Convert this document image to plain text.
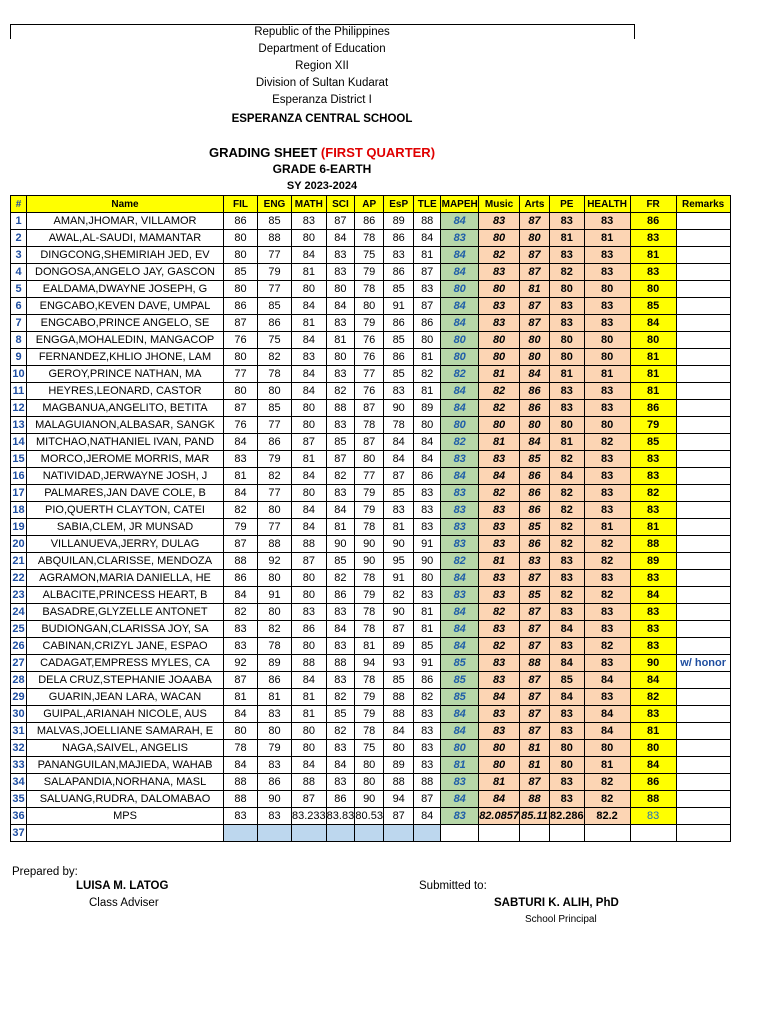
Republic of the Philippines
Department of Education
Region XII
Division of Sultan Kudarat
Esperanza District I
ESPERANZA CENTRAL SCHOOL
GRADING SHEET (FIRST QUARTER)
GRADE 6-EARTH
SY 2023-2024
#	Name	FIL	ENG	MATH	SCI	AP	EsP	TLE	MAPEH	Music	Arts	PE	HEALTH	FR	Remarks
1	AMAN,JHOMAR, VILLAMOR	86	85	83	87	86	89	88	84	83	87	83	83	86	
2	AWAL,AL-SAUDI, MAMANTAR	80	88	80	84	78	86	84	83	80	80	81	81	83	
3	DINGCONG,SHEMIRIAH JED, EV	80	77	84	83	75	83	81	84	82	87	83	83	81	
4	DONGOSA,ANGELO JAY, GASCON	85	79	81	83	79	86	87	84	83	87	82	83	83	
5	EALDAMA,DWAYNE JOSEPH, G	80	77	80	80	78	85	83	80	80	81	80	80	80	
6	ENGCABO,KEVEN DAVE, UMPAL	86	85	84	84	80	91	87	84	83	87	83	83	85	
7	ENGCABO,PRINCE ANGELO, SE	87	86	81	83	79	86	86	84	83	87	83	83	84	
8	ENGGA,MOHALEDIN, MANGACOP	76	75	84	81	76	85	80	80	80	80	80	80	80	
9	FERNANDEZ,KHLIO JHONE, LAM	80	82	83	80	76	86	81	80	80	80	80	80	81	
10	GEROY,PRINCE NATHAN, MA	77	78	84	83	77	85	82	82	81	84	81	81	81	
11	HEYRES,LEONARD, CASTOR	80	80	84	82	76	83	81	84	82	86	83	83	81	
12	MAGBANUA,ANGELITO, BETITA	87	85	80	88	87	90	89	84	82	86	83	83	86	
13	MALAGUIANON,ALBASAR, SANGK	76	77	80	83	78	78	80	80	80	80	80	80	79	
14	MITCHAO,NATHANIEL IVAN, PAND	84	86	87	85	87	84	84	82	81	84	81	82	85	
15	MORCO,JEROME MORRIS, MAR	83	79	81	87	80	84	84	83	83	85	82	83	83	
16	NATIVIDAD,JERWAYNE JOSH, J	81	82	84	82	77	87	86	84	84	86	84	83	83	
17	PALMARES,JAN DAVE COLE, B	84	77	80	83	79	85	83	83	82	86	82	83	82	
18	PIO,QUERTH CLAYTON, CATEI	82	80	84	84	79	83	83	83	83	86	82	83	83	
19	SABIA,CLEM, JR MUNSAD	79	77	84	81	78	81	83	83	83	85	82	81	81	
20	VILLANUEVA,JERRY, DULAG	87	88	88	90	90	90	91	83	83	86	82	82	88	
21	ABQUILAN,CLARISSE, MENDOZA	88	92	87	85	90	95	90	82	81	83	83	82	89	
22	AGRAMON,MARIA DANIELLA, HE	86	80	80	82	78	91	80	84	83	87	83	83	83	
23	ALBACITE,PRINCESS HEART, B	84	91	80	86	79	82	83	83	83	85	82	82	84	
24	BASADRE,GLYZELLE ANTONET	82	80	83	83	78	90	81	84	82	87	83	83	83	
25	BUDIONGAN,CLARISSA JOY, SA	83	82	86	84	78	87	81	84	83	87	84	83	83	
26	CABINAN,CRIZYL JANE, ESPAO	83	78	80	83	81	89	85	84	82	87	83	82	83	
27	CADAGAT,EMPRESS MYLES, CA	92	89	88	88	94	93	91	85	83	88	84	83	90	w/ honor
28	DELA CRUZ,STEPHANIE JOAABA	87	86	84	83	78	85	86	85	83	87	85	84	84	
29	GUARIN,JEAN LARA, WACAN	81	81	81	82	79	88	82	85	84	87	84	83	82	
30	GUIPAL,ARIANAH NICOLE, AUS	84	83	81	85	79	88	83	84	83	87	83	84	83	
31	MALVAS,JOELLIANE SAMARAH, E	80	80	80	82	78	84	83	84	83	87	83	84	81	
32	NAGA,SAIVEL, ANGELIS	78	79	80	83	75	80	83	80	80	81	80	80	80	
33	PANANGUILAN,MAJIEDA, WAHAB	84	83	84	84	80	89	83	81	80	81	80	81	84	
34	SALAPANDIA,NORHANA, MASL	88	86	88	83	80	88	88	83	81	87	83	82	86	
35	SALUANG,RUDRA, DALOMABAO	88	90	87	86	90	94	87	84	84	88	83	82	88	
36	MPS	83	83	83.233	83.83	80.53	87	84	83	82.0857	85.11	82.286	82.2	83	
37															
Prepared by:
LUISA M. LATOG
Class Adviser
Submitted to:
SABTURI K. ALIH, PhD
School Principal
